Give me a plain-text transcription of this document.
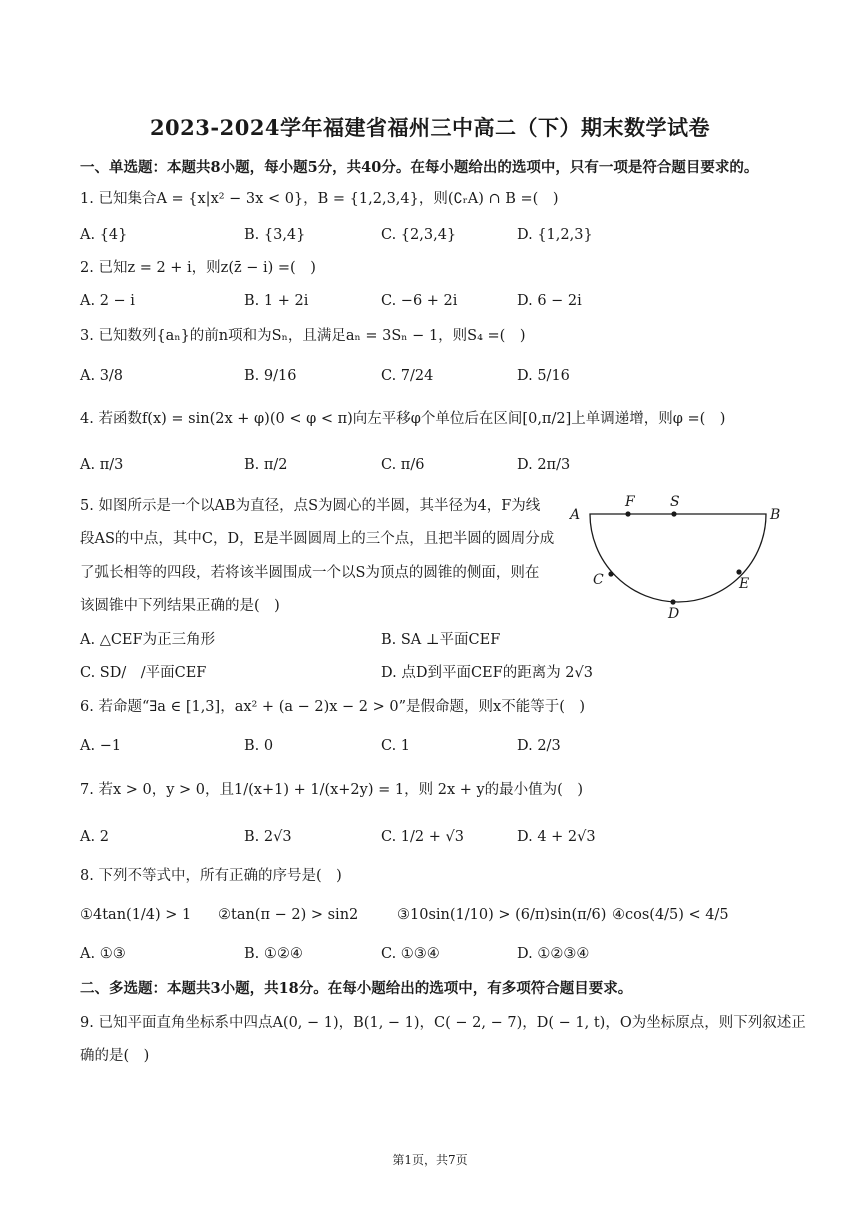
2023-2024学年福建省福州三中高二（下）期末数学试卷
一、单选题：本题共8小题，每小题5分，共40分。在每小题给出的选项中，只有一项是符合题目要求的。
1. 已知集合A = {x|x² − 3x < 0}，B = {1,2,3,4}，则(∁ᵣA) ∩ B =(　)
A. {4}	B. {3,4}	C. {2,3,4}	D. {1,2,3}
2. 已知z = 2 + i，则z(z̄ − i) =(　)
A. 2 − i	B. 1 + 2i	C. −6 + 2i	D. 6 − 2i
3. 已知数列{aₙ}的前n项和为Sₙ，且满足aₙ = 3Sₙ − 1，则S₄ =(　)
A. 3/8	B. 9/16	C. 7/24	D. 5/16
4. 若函数f(x) = sin(2x + φ)(0 < φ < π)向左平移φ个单位后在区间[0,π/2]上单调递增，则φ =(　)
A. π/3	B. π/2	C. π/6	D. 2π/3
5. 如图所示是一个以AB为直径，点S为圆心的半圆，其半径为4，F为线
段AS的中点，其中C，D，E是半圆圆周上的三个点，且把半圆的圆周分成
了弧长相等的四段，若将该半圆围成一个以S为顶点的圆锥的侧面，则在
该圆锥中下列结果正确的是(　)
A
F	S
B
C
D
E
A. △CEF为正三角形	B. SA ⊥平面CEF
C. SD/　/平面CEF	D. 点D到平面CEF的距离为 2√3
6. 若命题“∃a ∈ [1,3]，ax² + (a − 2)x − 2 > 0”是假命题，则x不能等于(　)
A. −1	B. 0	C. 1	D. 2/3
7. 若x > 0，y > 0，且1/(x+1) + 1/(x+2y) = 1，则 2x + y的最小值为(　)
A. 2	B. 2√3	C. 1/2 + √3	D. 4 + 2√3
8. 下列不等式中，所有正确的序号是(　)
①4tan(1/4) > 1 ②tan(π − 2) > sin2	③10sin(1/10) > (6/π)sin(π/6) ④cos(4/5) < 4/5
A. ①③	B. ①②④	C. ①③④	D. ①②③④
二、多选题：本题共3小题，共18分。在每小题给出的选项中，有多项符合题目要求。
9. 已知平面直角坐标系中四点A(0, − 1)，B(1, − 1)，C( − 2, − 7)，D( − 1, t)，O为坐标原点，则下列叙述正
确的是(　)
第1页，共7页
